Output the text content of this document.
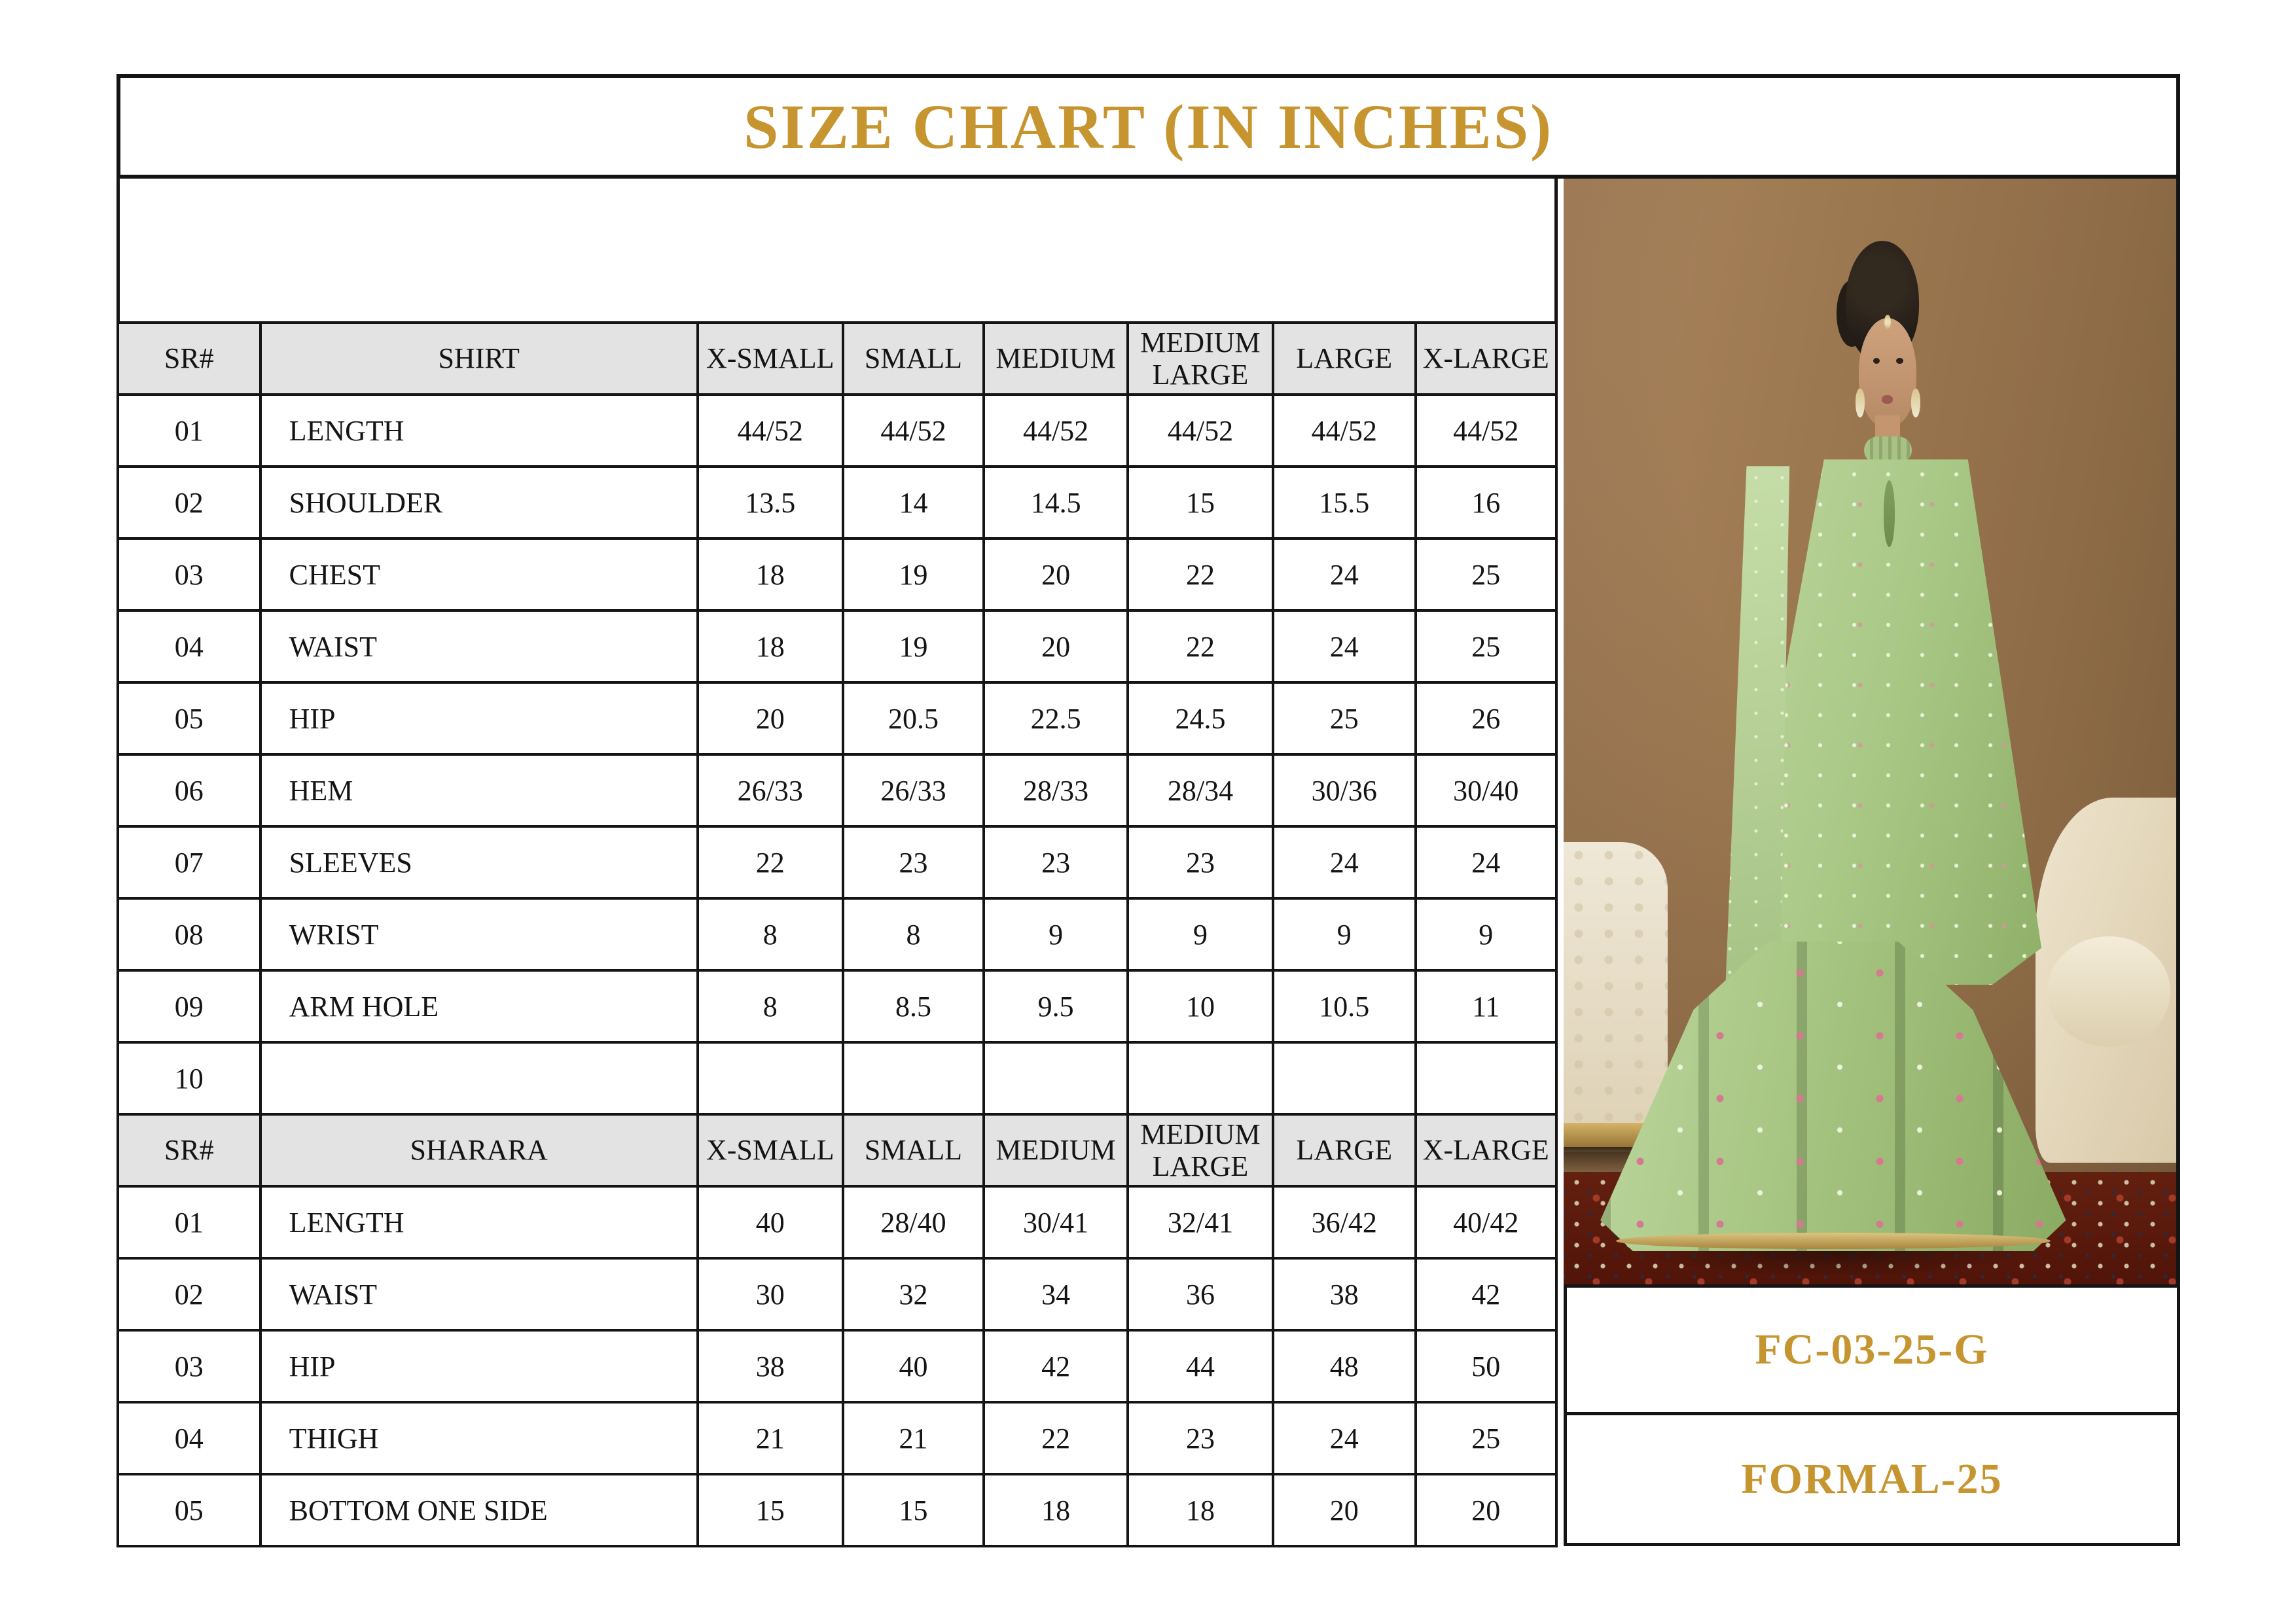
SIZE CHART (IN INCHES)
SR#	SHIRT	X-SMALL	SMALL	MEDIUM	MEDIUM LARGE	LARGE	X-LARGE
01	LENGTH	44/52	44/52	44/52	44/52	44/52	44/52
02	SHOULDER	13.5	14	14.5	15	15.5	16
03	CHEST	18	19	20	22	24	25
04	WAIST	18	19	20	22	24	25
05	HIP	20	20.5	22.5	24.5	25	26
06	HEM	26/33	26/33	28/33	28/34	30/36	30/40
07	SLEEVES	22	23	23	23	24	24
08	WRIST	8	8	9	9	9	9
09	ARM HOLE	8	8.5	9.5	10	10.5	11
10							
SR#	SHARARA	X-SMALL	SMALL	MEDIUM	MEDIUM LARGE	LARGE	X-LARGE
01	LENGTH	40	28/40	30/41	32/41	36/42	40/42
02	WAIST	30	32	34	36	38	42
03	HIP	38	40	42	44	48	50
04	THIGH	21	21	22	23	24	25
05	BOTTOM ONE SIDE	15	15	18	18	20	20
FC-03-25-G
FORMAL-25
